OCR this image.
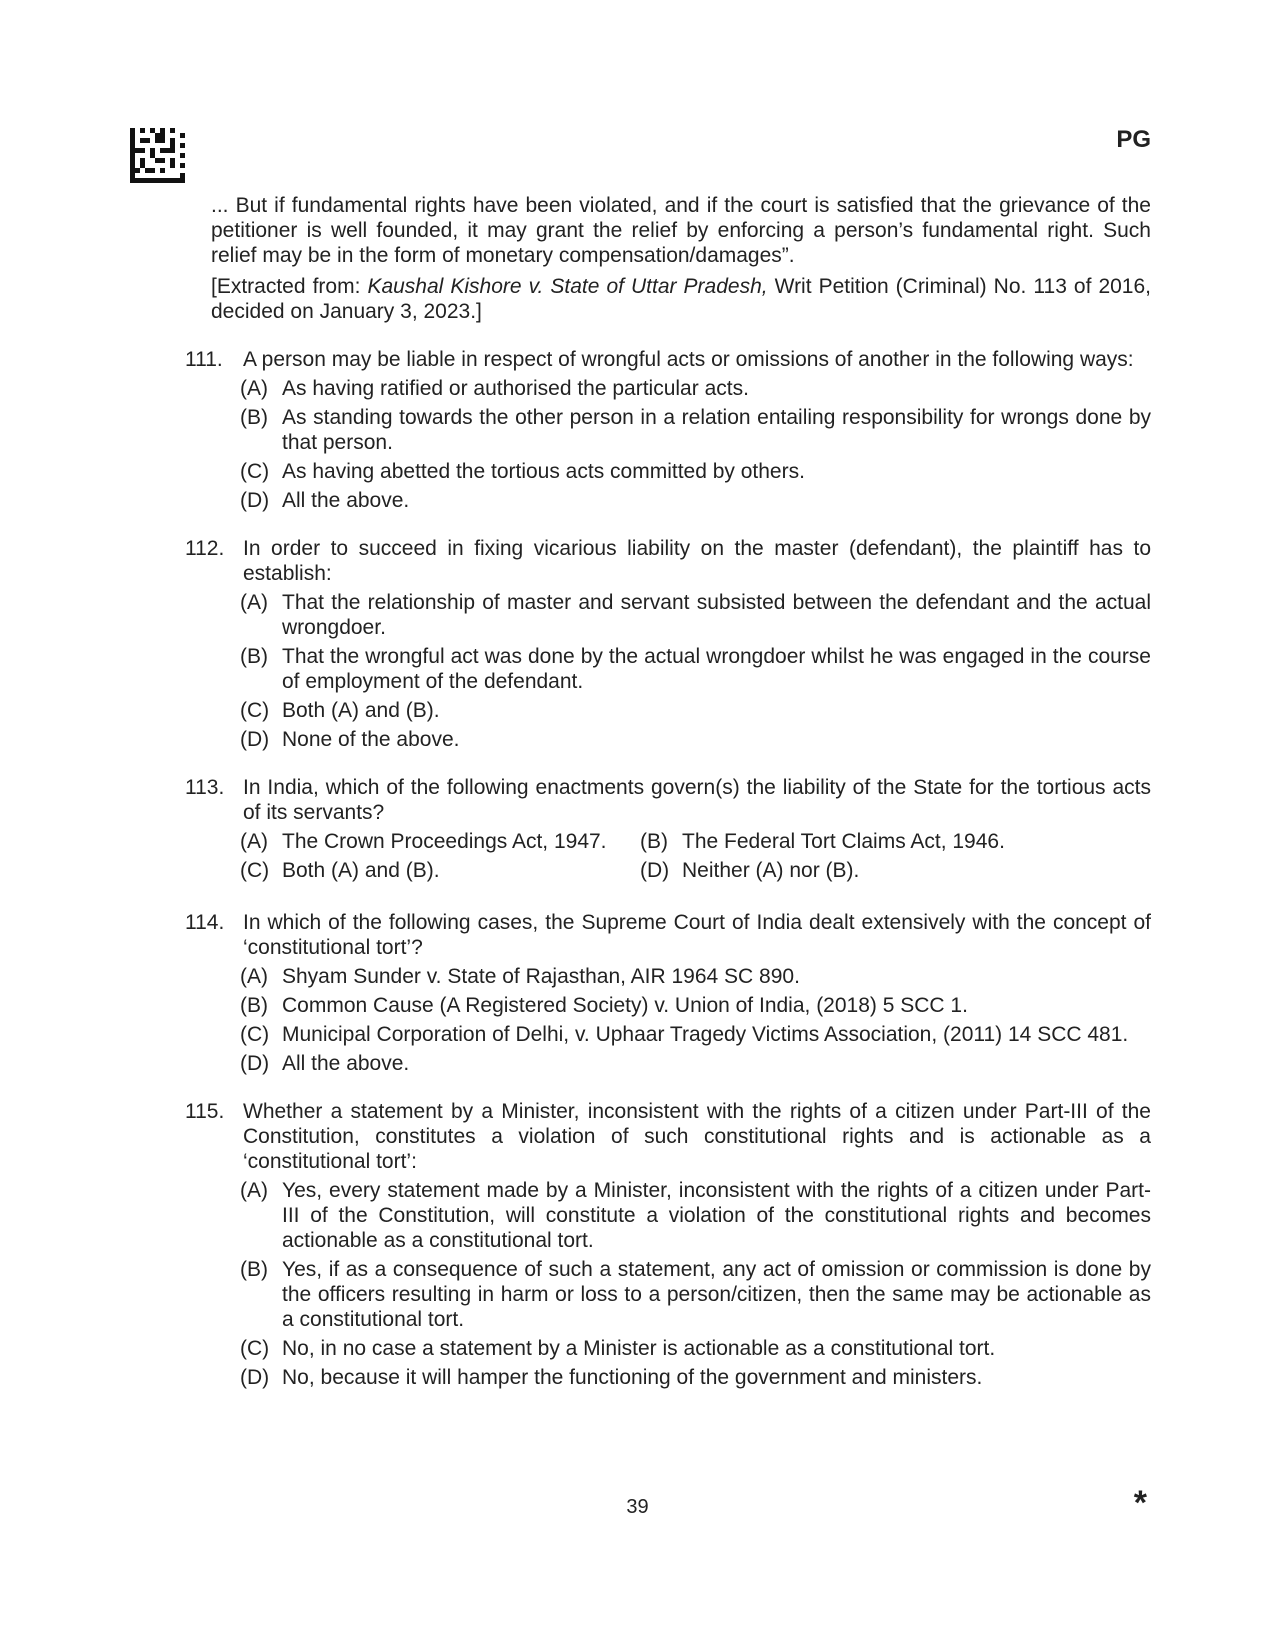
PG

... But if fundamental rights have been violated, and if the court is satisfied that the grievance of the petitioner is well founded, it may grant the relief by enforcing a person’s fundamental right. Such relief may be in the form of monetary compensation/damages”.

[Extracted from: Kaushal Kishore v. State of Uttar Pradesh, Writ Petition (Criminal) No. 113 of 2016, decided on January 3, 2023.]

111. A person may be liable in respect of wrongful acts or omissions of another in the following ways:
(A) As having ratified or authorised the particular acts.
(B) As standing towards the other person in a relation entailing responsibility for wrongs done by that person.
(C) As having abetted the tortious acts committed by others.
(D) All the above.
112. In order to succeed in fixing vicarious liability on the master (defendant), the plaintiff has to establish:
(A) That the relationship of master and servant subsisted between the defendant and the actual wrongdoer.
(B) That the wrongful act was done by the actual wrongdoer whilst he was engaged in the course of employment of the defendant.
(C) Both (A) and (B).
(D) None of the above.
113. In India, which of the following enactments govern(s) the liability of the State for the tortious acts of its servants?
(A) The Crown Proceedings Act, 1947.	(B) The Federal Tort Claims Act, 1946.
(C) Both (A) and (B).	(D) Neither (A) nor (B).
114. In which of the following cases, the Supreme Court of India dealt extensively with the concept of ‘constitutional tort’?
(A) Shyam Sunder v. State of Rajasthan, AIR 1964 SC 890.
(B) Common Cause (A Registered Society) v. Union of India, (2018) 5 SCC 1.
(C) Municipal Corporation of Delhi, v. Uphaar Tragedy Victims Association, (2011) 14 SCC 481.
(D) All the above.
115. Whether a statement by a Minister, inconsistent with the rights of a citizen under Part-III of the Constitution, constitutes a violation of such constitutional rights and is actionable as a ‘constitutional tort’:
(A) Yes, every statement made by a Minister, inconsistent with the rights of a citizen under Part-III of the Constitution, will constitute a violation of the constitutional rights and becomes actionable as a constitutional tort.
(B) Yes, if as a consequence of such a statement, any act of omission or commission is done by the officers resulting in harm or loss to a person/citizen, then the same may be actionable as a constitutional tort.
(C) No, in no case a statement by a Minister is actionable as a constitutional tort.
(D) No, because it will hamper the functioning of the government and ministers.
39	*
